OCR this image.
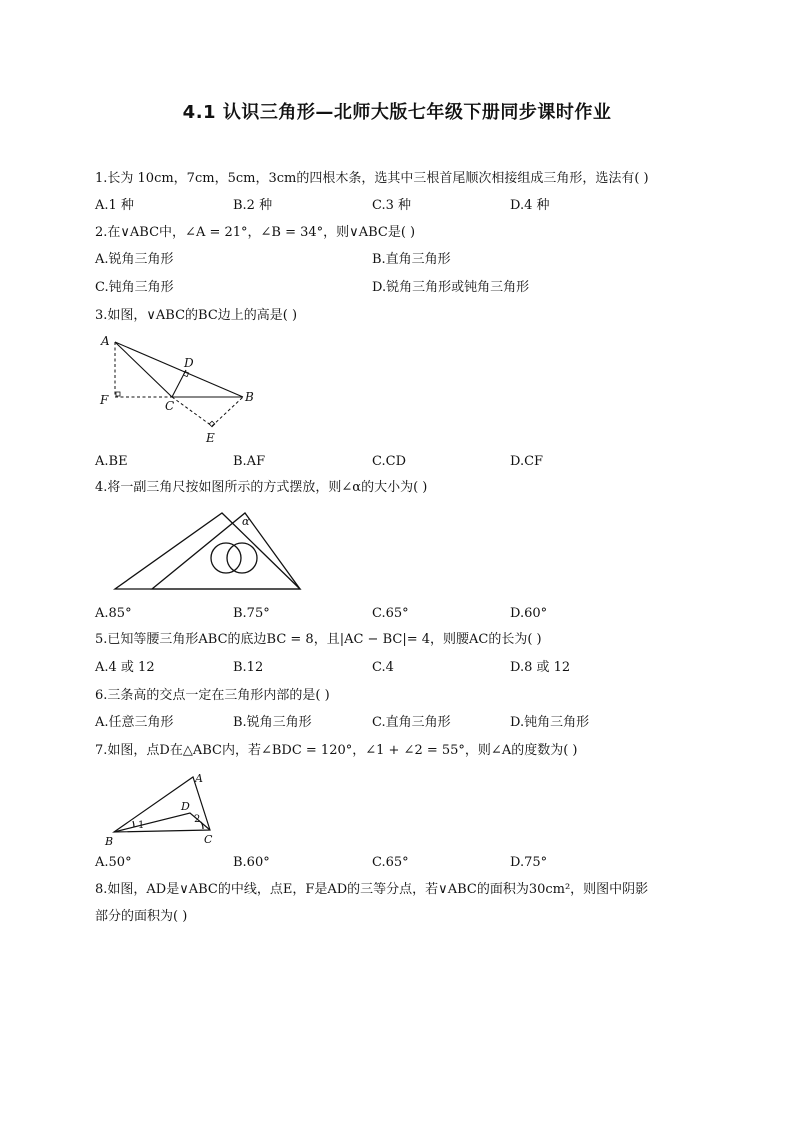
4.1 认识三角形—北师大版七年级下册同步课时作业
1.长为 10cm，7cm，5cm，3cm的四根木条，选其中三根首尾顺次相接组成三角形，选法有( )
A.1 种	B.2 种	C.3 种	D.4 种
2.在∨ABC中，∠A = 21°，∠B = 34°，则∨ABC是( )
A.锐角三角形	B.直角三角形
C.钝角三角形	D.锐角三角形或钝角三角形
3.如图，∨ABC的BC边上的高是( )
A
D
F	C
B
E
A.BE	B.AF	C.CD	D.CF
4.将一副三角尺按如图所示的方式摆放，则∠α的大小为( )
α
A.85°	B.75°	C.65°	D.60°
5.已知等腰三角形ABC的底边BC = 8，且|AC − BC|= 4，则腰AC的长为( )
A.4 或 12	B.12	C.4	D.8 或 12
6.三条高的交点一定在三角形内部的是( )
A.任意三角形	B.锐角三角形	C.直角三角形	D.钝角三角形
7.如图，点D在△ABC内，若∠BDC = 120°，∠1 + ∠2 = 55°，则∠A的度数为( )
A
D
1
2
B	C
A.50°	B.60°	C.65°	D.75°
8.如图，AD是∨ABC的中线，点E，F是AD的三等分点，若∨ABC的面积为30cm²，则图中阴影
部分的面积为( )
